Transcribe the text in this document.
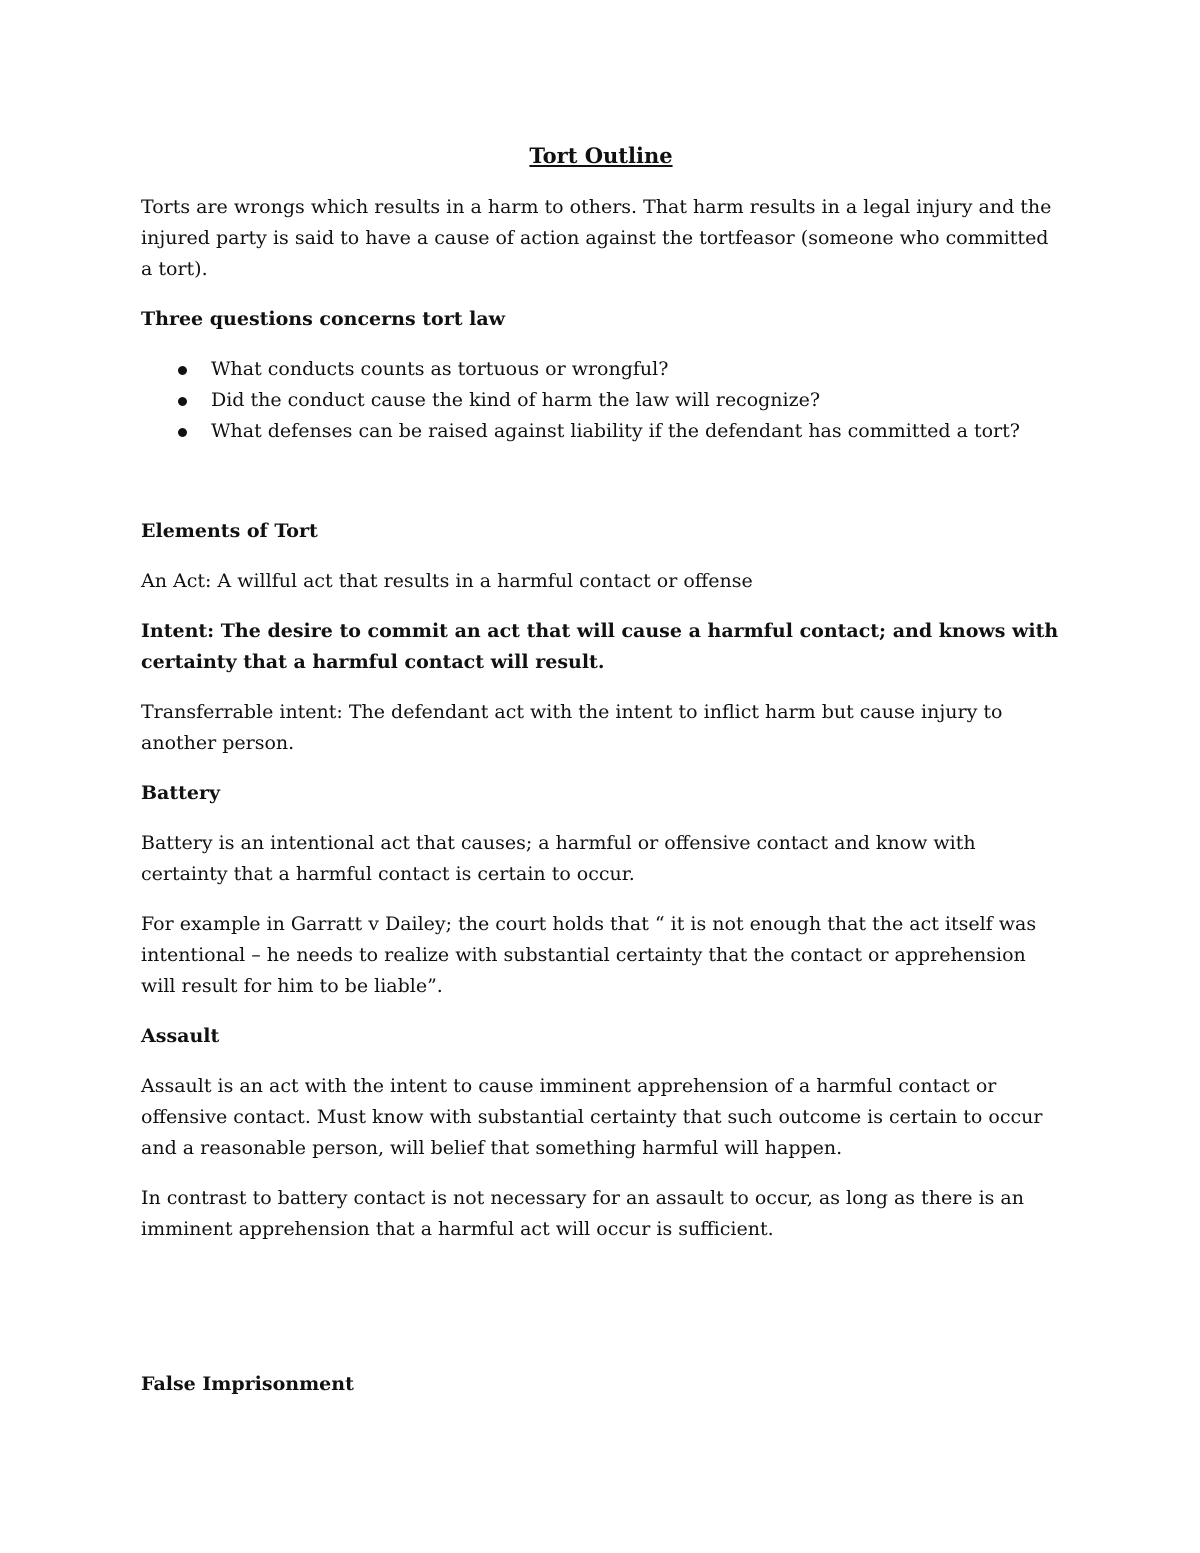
Tort Outline

Torts are wrongs which results in a harm to others. That harm results in a legal injury and the injured party is said to have a cause of action against the tortfeasor (someone who committed a tort).

Three questions concerns tort law
What conducts counts as tortuous or wrongful?
Did the conduct cause the kind of harm the law will recognize?
What defenses can be raised against liability if the defendant has committed a tort?
Elements of Tort

An Act: A willful act that results in a harmful contact or offense

Intent: The desire to commit an act that will cause a harmful contact; and knows with certainty that a harmful contact will result.

Transferrable intent: The defendant act with the intent to inflict harm but cause injury to another person.

Battery

Battery is an intentional act that causes; a harmful or offensive contact and know with certainty that a harmful contact is certain to occur.

For example in Garratt v Dailey; the court holds that “ it is not enough that the act itself was intentional – he needs to realize with substantial certainty that the contact or apprehension will result for him to be liable”.

Assault

Assault is an act with the intent to cause imminent apprehension of a harmful contact or offensive contact. Must know with substantial certainty that such outcome is certain to occur and a reasonable person, will belief that something harmful will happen.

In contrast to battery contact is not necessary for an assault to occur, as long as there is an imminent apprehension that a harmful act will occur is sufficient.

False Imprisonment
